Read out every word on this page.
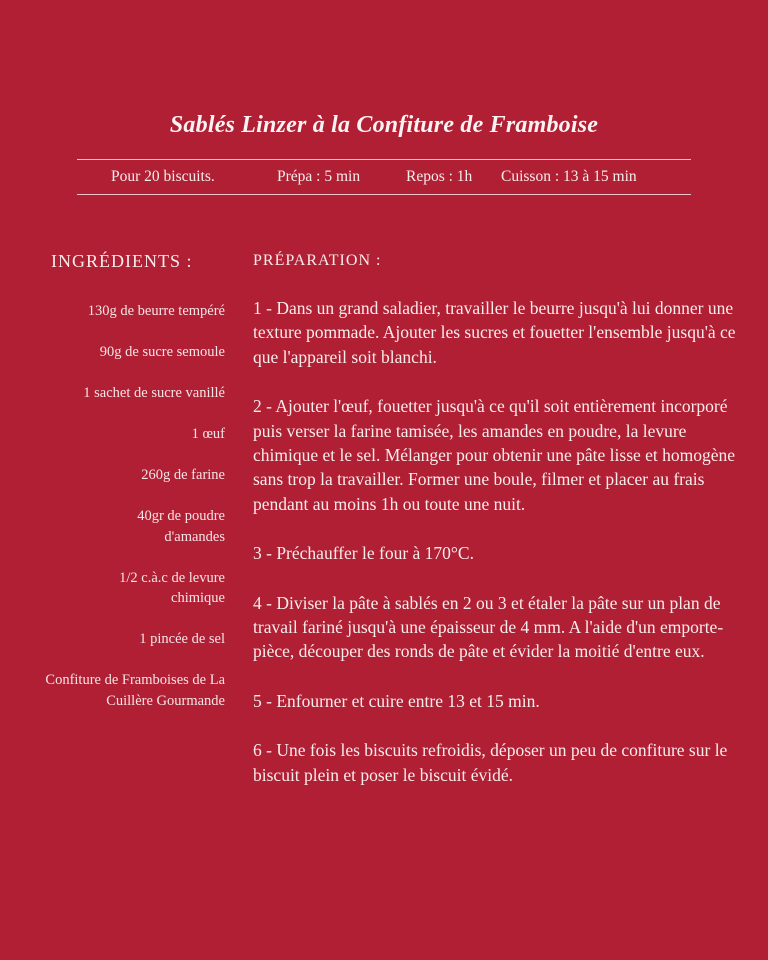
Sablés Linzer à la Confiture de Framboise
Pour 20 biscuits.	Prépa : 5 min	Repos : 1h Cuisson : 13 à 15 min
INGRÉDIENTS :	PRÉPARATION :
130g de beurre tempéré
90g de sucre semoule
1 sachet de sucre vanillé
1 œuf
260g de farine
40gr de poudre d'amandes
1/2 c.à.c de levure chimique
1 pincée de sel
Confiture de Framboises de La Cuillère Gourmande

1 - Dans un grand saladier, travailler le beurre jusqu'à lui donner une texture pommade. Ajouter les sucres et fouetter l'ensemble jusqu'à ce que l'appareil soit blanchi.

2 - Ajouter l'œuf, fouetter jusqu'à ce qu'il soit entièrement incorporé puis verser la farine tamisée, les amandes en poudre, la levure chimique et le sel. Mélanger pour obtenir une pâte lisse et homogène sans trop la travailler. Former une boule, filmer et placer au frais pendant au moins 1h ou toute une nuit.

3 - Préchauffer le four à 170°C.

4 - Diviser la pâte à sablés en 2 ou 3 et étaler la pâte sur un plan de travail fariné jusqu'à une épaisseur de 4 mm. A l'aide d'un emporte-pièce, découper des ronds de pâte et évider la moitié d'entre eux.

5 - Enfourner et cuire entre 13 et 15 min.

6 - Une fois les biscuits refroidis, déposer un peu de confiture sur le biscuit plein et poser le biscuit évidé.
